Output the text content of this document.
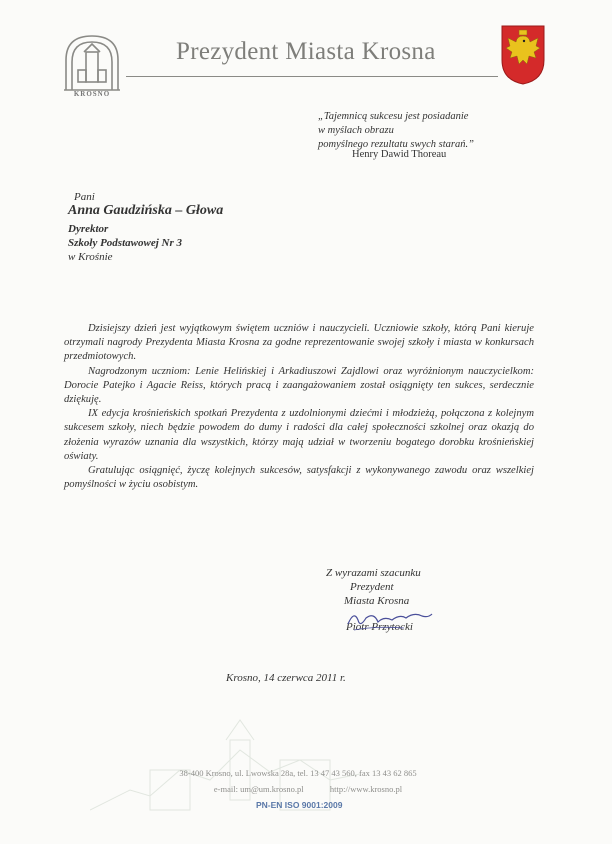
KROSNO
Prezydent Miasta Krosna
„Tajemnicą sukcesu jest posiadanie
w myślach obrazu
pomyślnego rezultatu swych starań.”
Henry Dawid Thoreau
Pani
Anna Gaudzińska – Głowa
Dyrektor
Szkoły Podstawowej Nr 3
w Krośnie

Dzisiejszy dzień jest wyjątkowym świętem uczniów i nauczycieli. Uczniowie szkoły, którą Pani kieruje otrzymali nagrody Prezydenta Miasta Krosna za godne reprezentowanie swojej szkoły i miasta w konkursach przedmiotowych.

Nagrodzonym uczniom: Lenie Helińskiej i Arkadiuszowi Zajdlowi oraz wyróżnionym nauczycielkom: Dorocie Patejko i Agacie Reiss, których pracą i zaangażowaniem został osiągnięty ten sukces, serdecznie dziękuję.

IX edycja krośnieńskich spotkań Prezydenta z uzdolnionymi dziećmi i młodzieżą, połączona z kolejnym sukcesem szkoły, niech będzie powodem do dumy i radości dla całej społeczności szkolnej oraz okazją do złożenia wyrazów uznania dla wszystkich, którzy mają udział w tworzeniu bogatego dorobku krośnieńskiej oświaty.

Gratulując osiągnięć, życzę kolejnych sukcesów, satysfakcji z wykonywanego zawodu oraz wszelkiej pomyślności w życiu osobistym.

Z wyrazami szacunku
Prezydent
Miasta Krosna
Piotr Przytocki
Krosno, 14 czerwca 2011 r.
38-400 Krosno, ul. Lwowska 28a, tel. 13 47 43 560, fax 13 43 62 865
e-mail: um@um.krosno.pl	http://www.krosno.pl
PN-EN ISO 9001:2009
